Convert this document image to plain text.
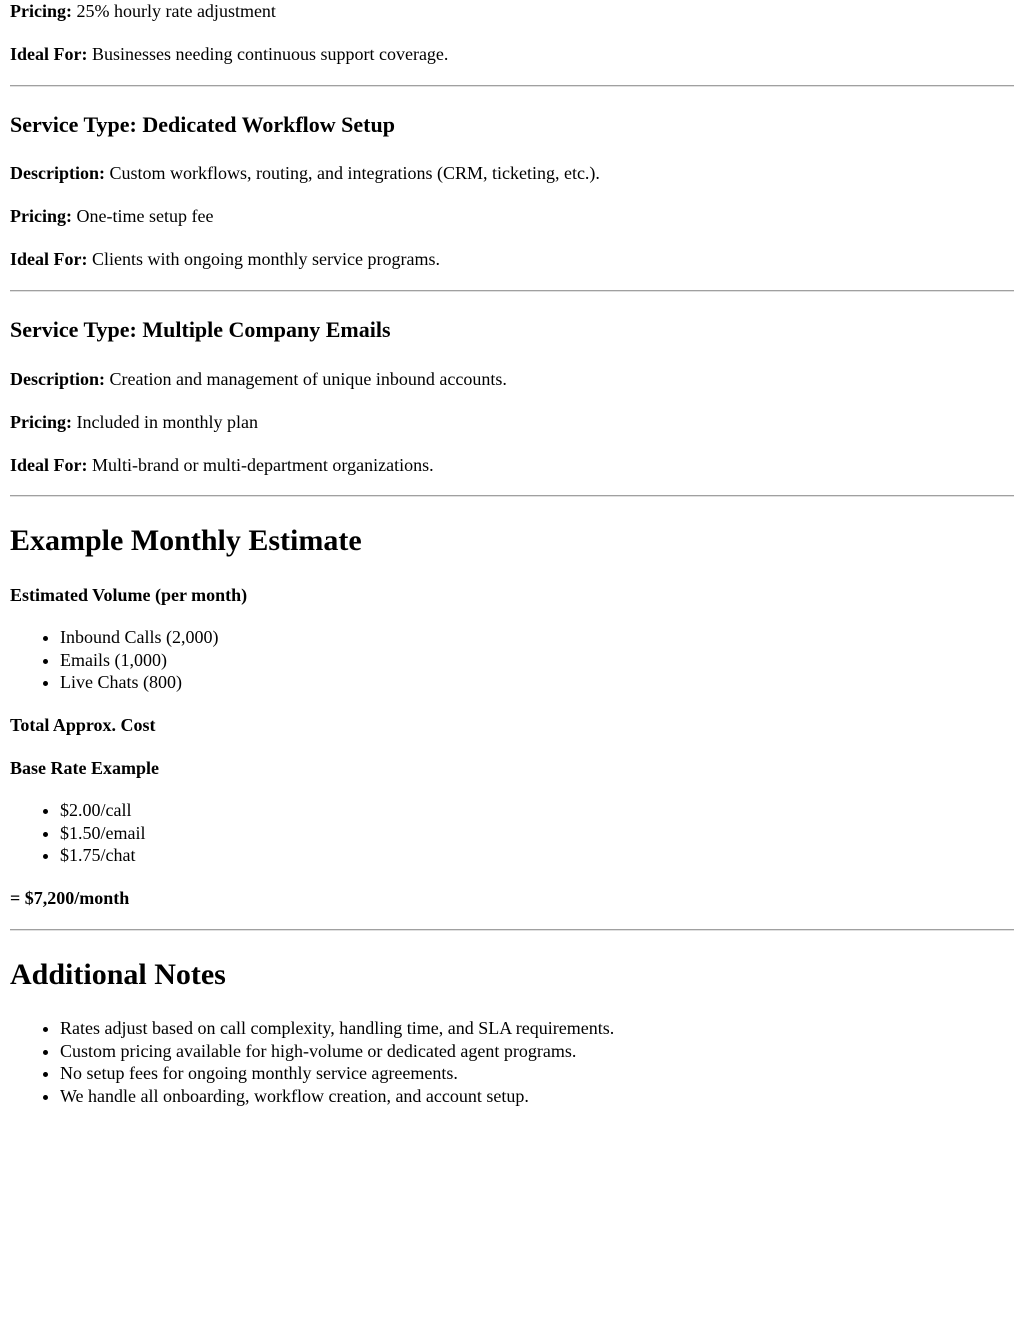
Pricing: 25% hourly rate adjustment

Ideal For: Businesses needing continuous support coverage.

Service Type: Dedicated Workflow Setup

Description: Custom workflows, routing, and integrations (CRM, ticketing, etc.).

Pricing: One-time setup fee

Ideal For: Clients with ongoing monthly service programs.

Service Type: Multiple Company Emails

Description: Creation and management of unique inbound accounts.

Pricing: Included in monthly plan

Ideal For: Multi-brand or multi-department organizations.

Example Monthly Estimate
Estimated Volume (per month)
• Inbound Calls (2,000)
• Emails (1,000)
• Live Chats (800)
Total Approx. Cost
Base Rate Example
• $2.00/call
• $1.50/email
• $1.75/chat
= $7,200/month
Additional Notes
• Rates adjust based on call complexity, handling time, and SLA requirements.
• Custom pricing available for high-volume or dedicated agent programs.
• No setup fees for ongoing monthly service agreements.
• We handle all onboarding, workflow creation, and account setup.
